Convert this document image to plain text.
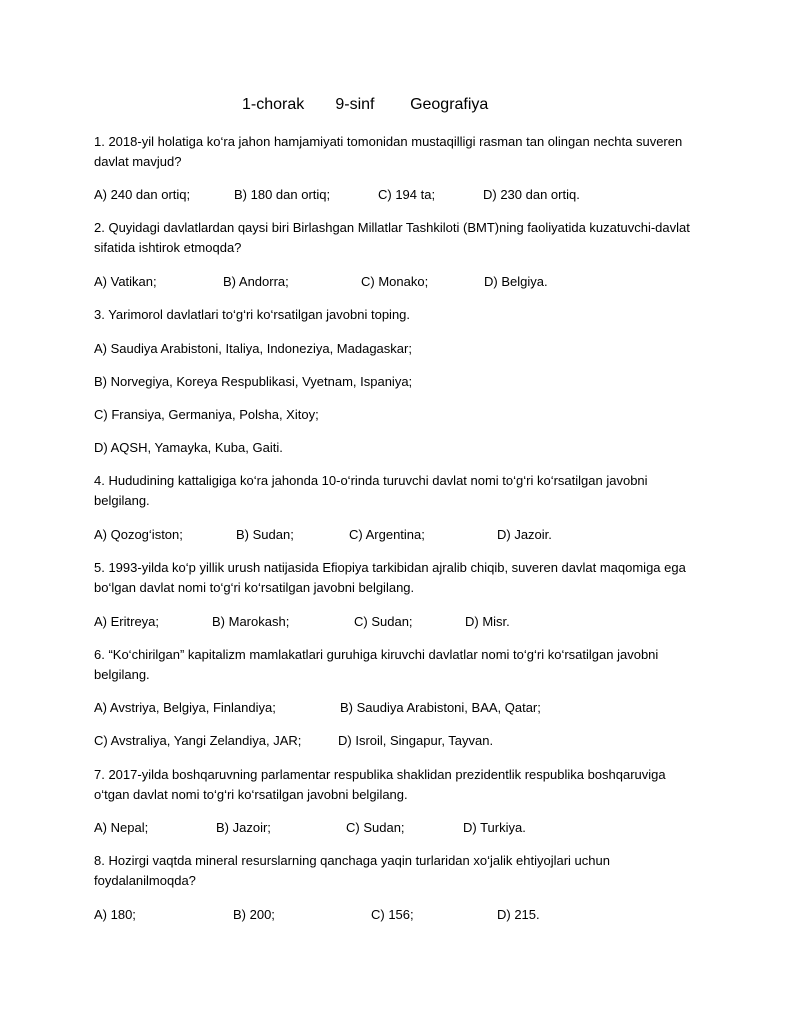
1-chorak 9-sinf Geografiya
1. 2018-yil holatiga ko‘ra jahon hamjamiyati tomonidan mustaqilligi rasman tan olingan nechta suveren
davlat mavjud?
A) 240 dan ortiq;	B) 180 dan ortiq;	C) 194 ta;	D) 230 dan ortiq.
2. Quyidagi davlatlardan qaysi biri Birlashgan Millatlar Tashkiloti (BMT)ning faoliyatida kuzatuvchi-davlat
sifatida ishtirok etmoqda?
A) Vatikan;	B) Andorra;	C) Monako;	D) Belgiya.
3. Yarimorol davlatlari to‘g‘ri ko‘rsatilgan javobni toping.
A) Saudiya Arabistoni, Italiya, Indoneziya, Madagaskar;
B) Norvegiya, Koreya Respublikasi, Vyetnam, Ispaniya;
C) Fransiya, Germaniya, Polsha, Xitoy;
D) AQSH, Yamayka, Kuba, Gaiti.
4. Hududining kattaligiga ko‘ra jahonda 10-o‘rinda turuvchi davlat nomi to‘g‘ri ko‘rsatilgan javobni
belgilang.
A) Qozog‘iston;	B) Sudan;	C) Argentina;	D) Jazoir.
5. 1993-yilda ko‘p yillik urush natijasida Efiopiya tarkibidan ajralib chiqib, suveren davlat maqomiga ega
bo‘lgan davlat nomi to‘g‘ri ko‘rsatilgan javobni belgilang.
A) Eritreya;	B) Marokash;	C) Sudan;	D) Misr.
6. “Ko‘chirilgan” kapitalizm mamlakatlari guruhiga kiruvchi davlatlar nomi to‘g‘ri ko‘rsatilgan javobni
belgilang.
A) Avstriya, Belgiya, Finlandiya;	B) Saudiya Arabistoni, BAA, Qatar;
C) Avstraliya, Yangi Zelandiya, JAR;	D) Isroil, Singapur, Tayvan.
7. 2017-yilda boshqaruvning parlamentar respublika shaklidan prezidentlik respublika boshqaruviga
o‘tgan davlat nomi to‘g‘ri ko‘rsatilgan javobni belgilang.
A) Nepal;	B) Jazoir;	C) Sudan;	D) Turkiya.
8. Hozirgi vaqtda mineral resurslarning qanchaga yaqin turlaridan xo‘jalik ehtiyojlari uchun
foydalanilmoqda?
A) 180;	B) 200;	C) 156;	D) 215.
